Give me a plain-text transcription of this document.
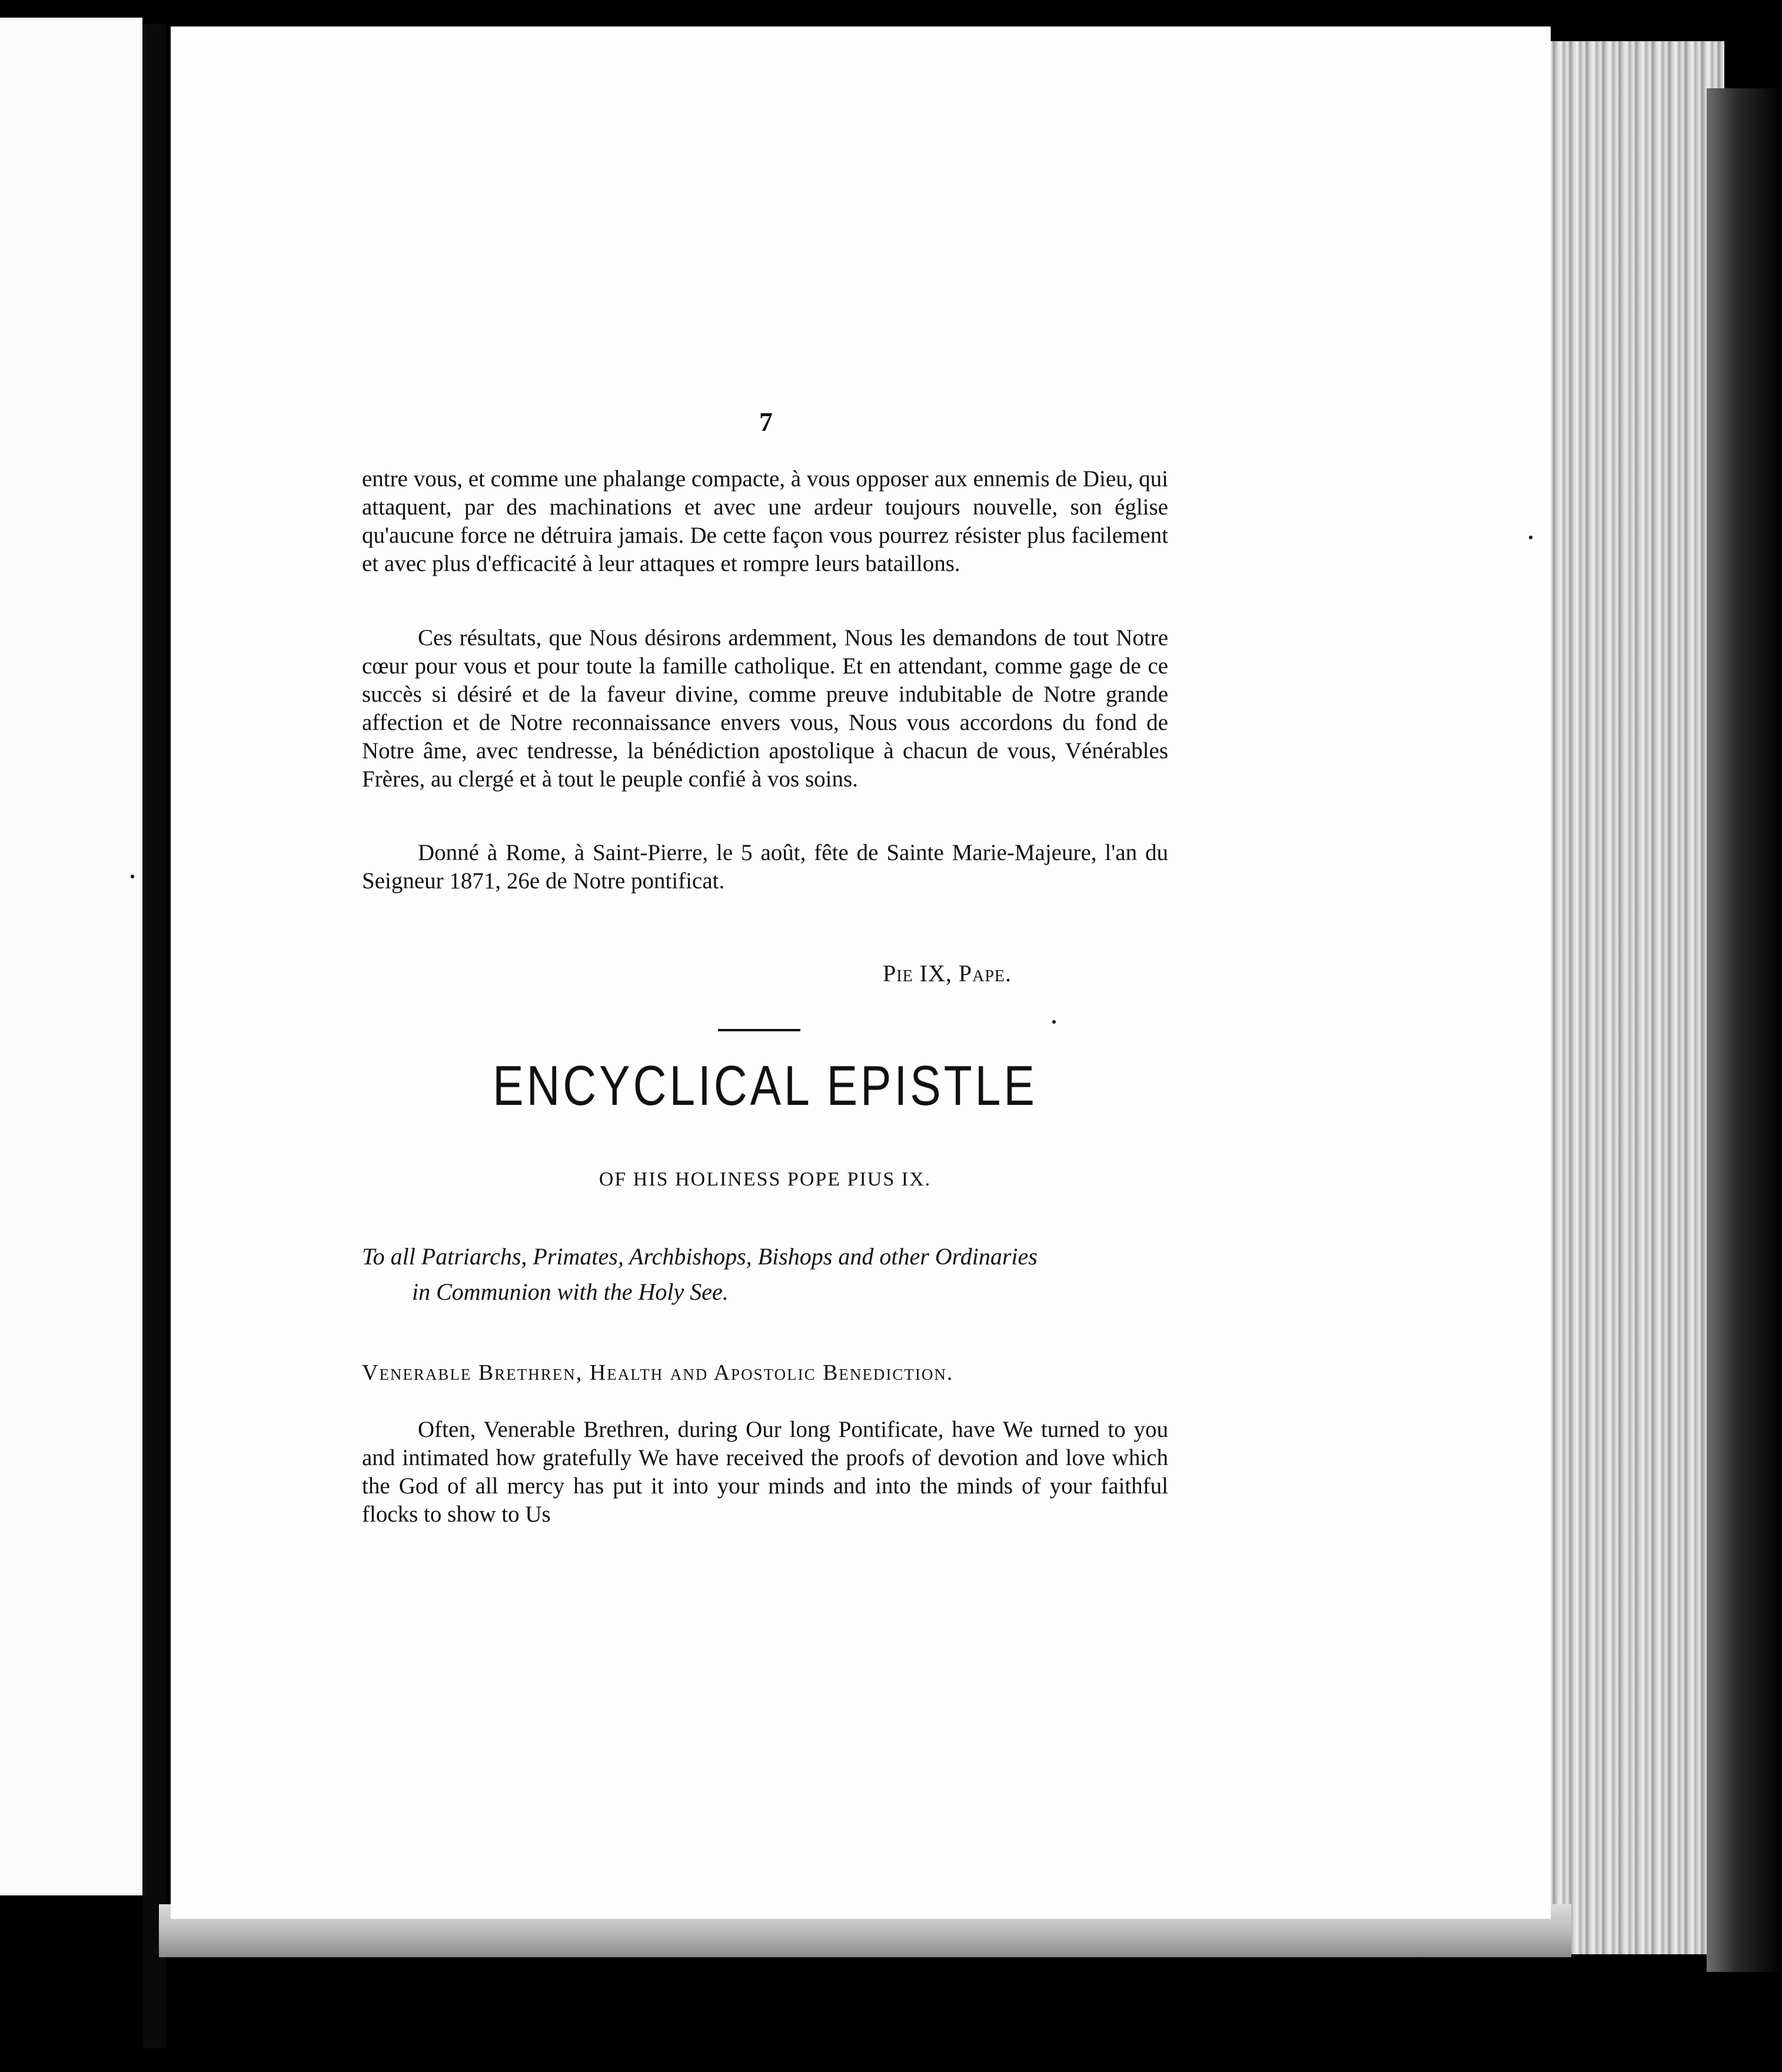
7

entre vous, et comme une phalange compacte, à vous opposer aux ennemis de Dieu, qui attaquent, par des machinations et avec une ardeur toujours nouvelle, son église qu'aucune force ne détruira jamais. De cette façon vous pourrez résister plus facilement et avec plus d'efficacité à leur attaques et rompre leurs bataillons.

Ces résultats, que Nous désirons ardemment, Nous les demandons de tout Notre cœur pour vous et pour toute la famille catholique. Et en attendant, comme gage de ce succès si désiré et de la faveur divine, comme preuve indubitable de Notre grande affection et de Notre reconnaissance envers vous, Nous vous accordons du fond de Notre âme, avec tendresse, la bénédiction apostolique à chacun de vous, Vénérables Frères, au clergé et à tout le peuple confié à vos soins.

Donné à Rome, à Saint-Pierre, le 5 août, fête de Sainte Marie-Majeure, l'an du Seigneur 1871, 26e de Notre pontificat.

Pie IX, Pape.
ENCYCLICAL EPISTLE
OF HIS HOLINESS POPE PIUS IX.
To all Patriarchs, Primates, Archbishops, Bishops and other Ordinaries
in Communion with the Holy See.
Venerable Brethren, Health and Apostolic Benediction.

Often, Venerable Brethren, during Our long Pontificate, have We turned to you and intimated how gratefully We have received the proofs of devotion and love which the God of all mercy has put it into your minds and into the minds of your faithful flocks to show to Us
